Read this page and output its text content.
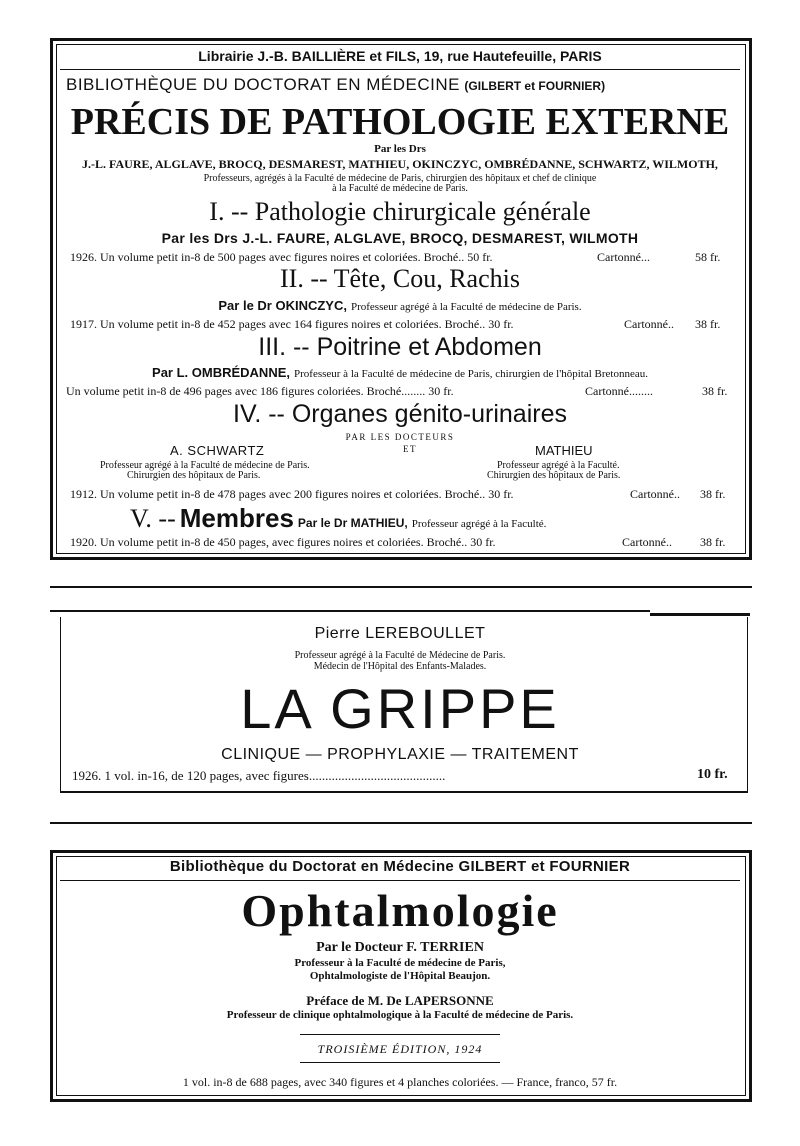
Librairie J.-B. BAILLIÈRE et FILS, 19, rue Hautefeuille, PARIS
BIBLIOTHÈQUE DU DOCTORAT EN MÉDECINE (GILBERT et FOURNIER)
PRÉCIS DE PATHOLOGIE EXTERNE
Par les Drs
J.-L. FAURE, ALGLAVE, BROCQ, DESMAREST, MATHIEU, OKINCZYC, OMBRÉDANNE, SCHWARTZ, WILMOTH,
Professeurs, agrégés à la Faculté de médecine de Paris, chirurgien des hôpitaux et chef de clinique
à la Faculté de médecine de Paris.
I. -- Pathologie chirurgicale générale
Par les Drs J.-L. FAURE, ALGLAVE, BROCQ, DESMAREST, WILMOTH
1926. Un volume petit in-8 de 500 pages avec figures noires et coloriées. Broché.. 50 fr.	Cartonné...	58 fr.
II. -- Tête, Cou, Rachis
Par le Dr OKINCZYC, Professeur agrégé à la Faculté de médecine de Paris.
1917. Un volume petit in-8 de 452 pages avec 164 figures noires et coloriées. Broché.. 30 fr.	Cartonné.. 38 fr.
III. -- Poitrine et Abdomen
Par L. OMBRÉDANNE, Professeur à la Faculté de médecine de Paris, chirurgien de l'hôpital Bretonneau.
Un volume petit in-8 de 496 pages avec 186 figures coloriées. Broché........ 30 fr.	Cartonné........	38 fr.
IV. -- Organes génito-urinaires
PAR LES DOCTEURS
ET
A. SCHWARTZ	MATHIEU
Professeur agrégé à la Faculté de médecine de Paris.
Chirurgien des hôpitaux de Paris.
Professeur agrégé à la Faculté.
Chirurgien des hôpitaux de Paris.
1912. Un volume petit in-8 de 478 pages avec 200 figures noires et coloriées. Broché.. 30 fr.	Cartonné.. 38 fr.
V. -- Membres Par le Dr MATHIEU, Professeur agrégé à la Faculté.
1920. Un volume petit in-8 de 450 pages, avec figures noires et coloriées. Broché.. 30 fr.	Cartonné.. 38 fr.
Pierre LEREBOULLET
Professeur agrégé à la Faculté de Médecine de Paris.
Médecin de l'Hôpital des Enfants-Malades.
LA GRIPPE
CLINIQUE — PROPHYLAXIE — TRAITEMENT
1926. 1 vol. in-16, de 120 pages, avec figures..........................................	10 fr.
Bibliothèque du Doctorat en Médecine GILBERT et FOURNIER
Ophtalmologie
Par le Docteur F. TERRIEN
Professeur à la Faculté de médecine de Paris,
Ophtalmologiste de l'Hôpital Beaujon.
Préface de M. De LAPERSONNE
Professeur de clinique ophtalmologique à la Faculté de médecine de Paris.
TROISIÈME ÉDITION, 1924
1 vol. in-8 de 688 pages, avec 340 figures et 4 planches coloriées. — France, franco, 57 fr.
